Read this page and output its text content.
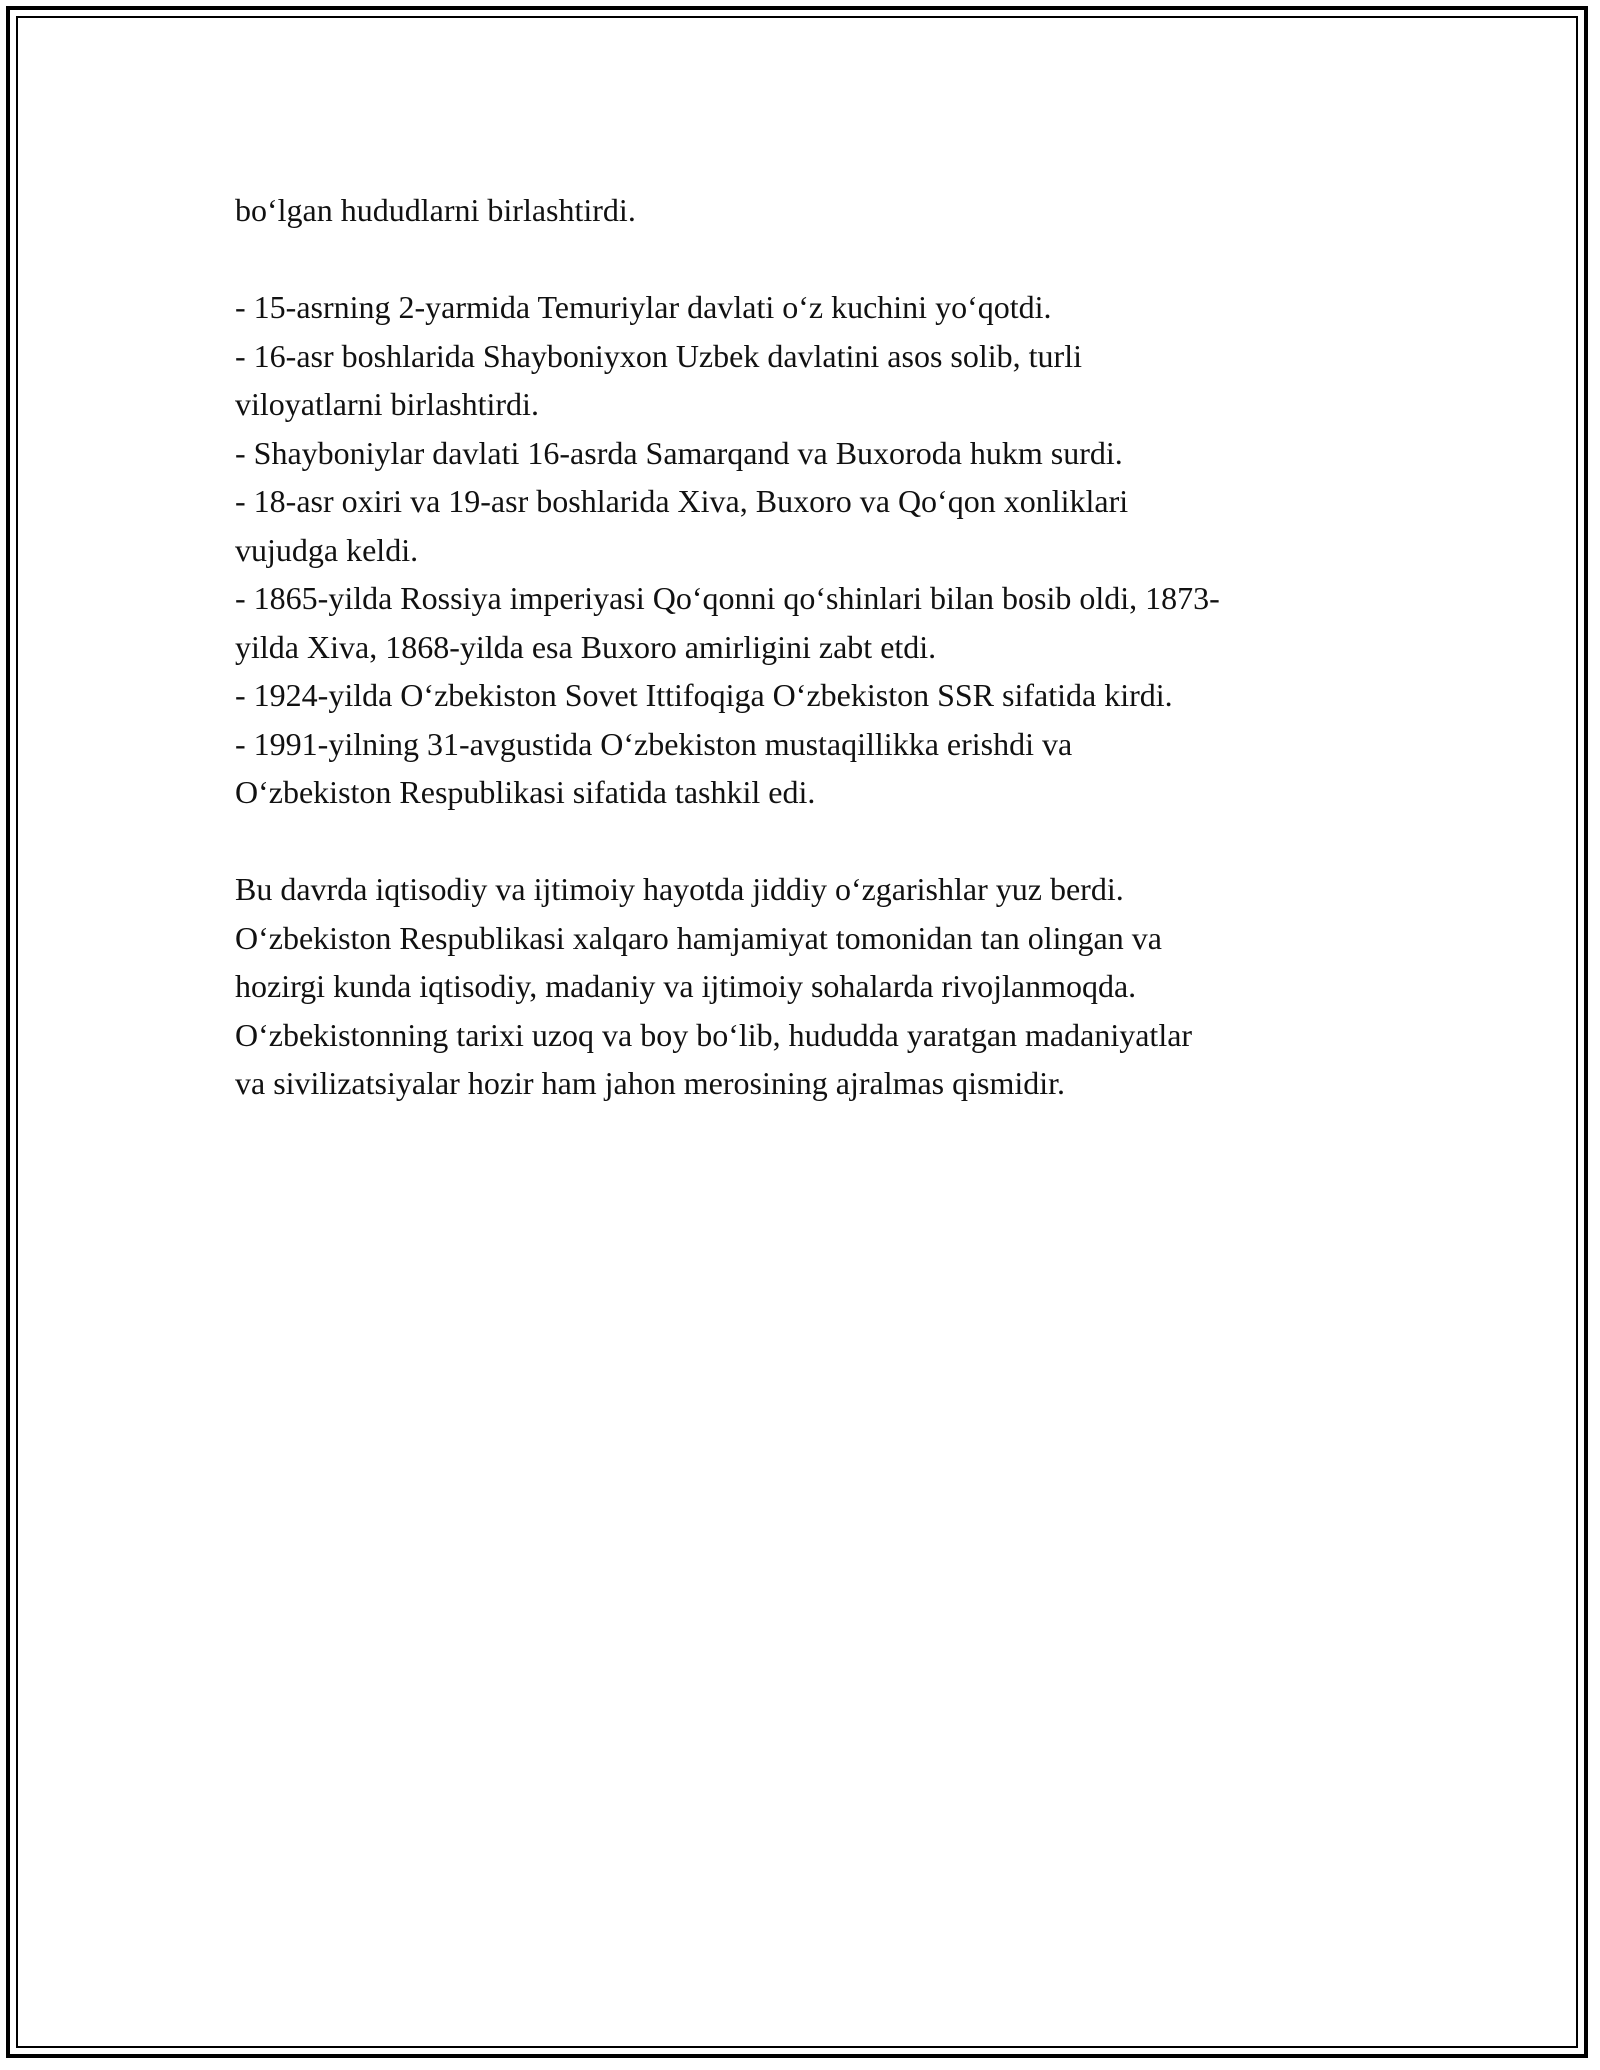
bo‘lgan hududlarni birlashtirdi.

- 15-asrning 2-yarmida Temuriylar davlati o‘z kuchini yo‘qotdi.

- 16-asr boshlarida Shayboniyxon Uzbek davlatini asos solib, turli

viloyatlarni birlashtirdi.

- Shayboniylar davlati 16-asrda Samarqand va Buxoroda hukm surdi.

- 18-asr oxiri va 19-asr boshlarida Xiva, Buxoro va Qo‘qon xonliklari

vujudga keldi.

- 1865-yilda Rossiya imperiyasi Qo‘qonni qo‘shinlari bilan bosib oldi, 1873-

yilda Xiva, 1868-yilda esa Buxoro amirligini zabt etdi.

- 1924-yilda O‘zbekiston Sovet Ittifoqiga O‘zbekiston SSR sifatida kirdi.

- 1991-yilning 31-avgustida O‘zbekiston mustaqillikka erishdi va

O‘zbekiston Respublikasi sifatida tashkil edi.

Bu davrda iqtisodiy va ijtimoiy hayotda jiddiy o‘zgarishlar yuz berdi.

O‘zbekiston Respublikasi xalqaro hamjamiyat tomonidan tan olingan va

hozirgi kunda iqtisodiy, madaniy va ijtimoiy sohalarda rivojlanmoqda.

O‘zbekistonning tarixi uzoq va boy bo‘lib, hududda yaratgan madaniyatlar

va sivilizatsiyalar hozir ham jahon merosining ajralmas qismidir.
